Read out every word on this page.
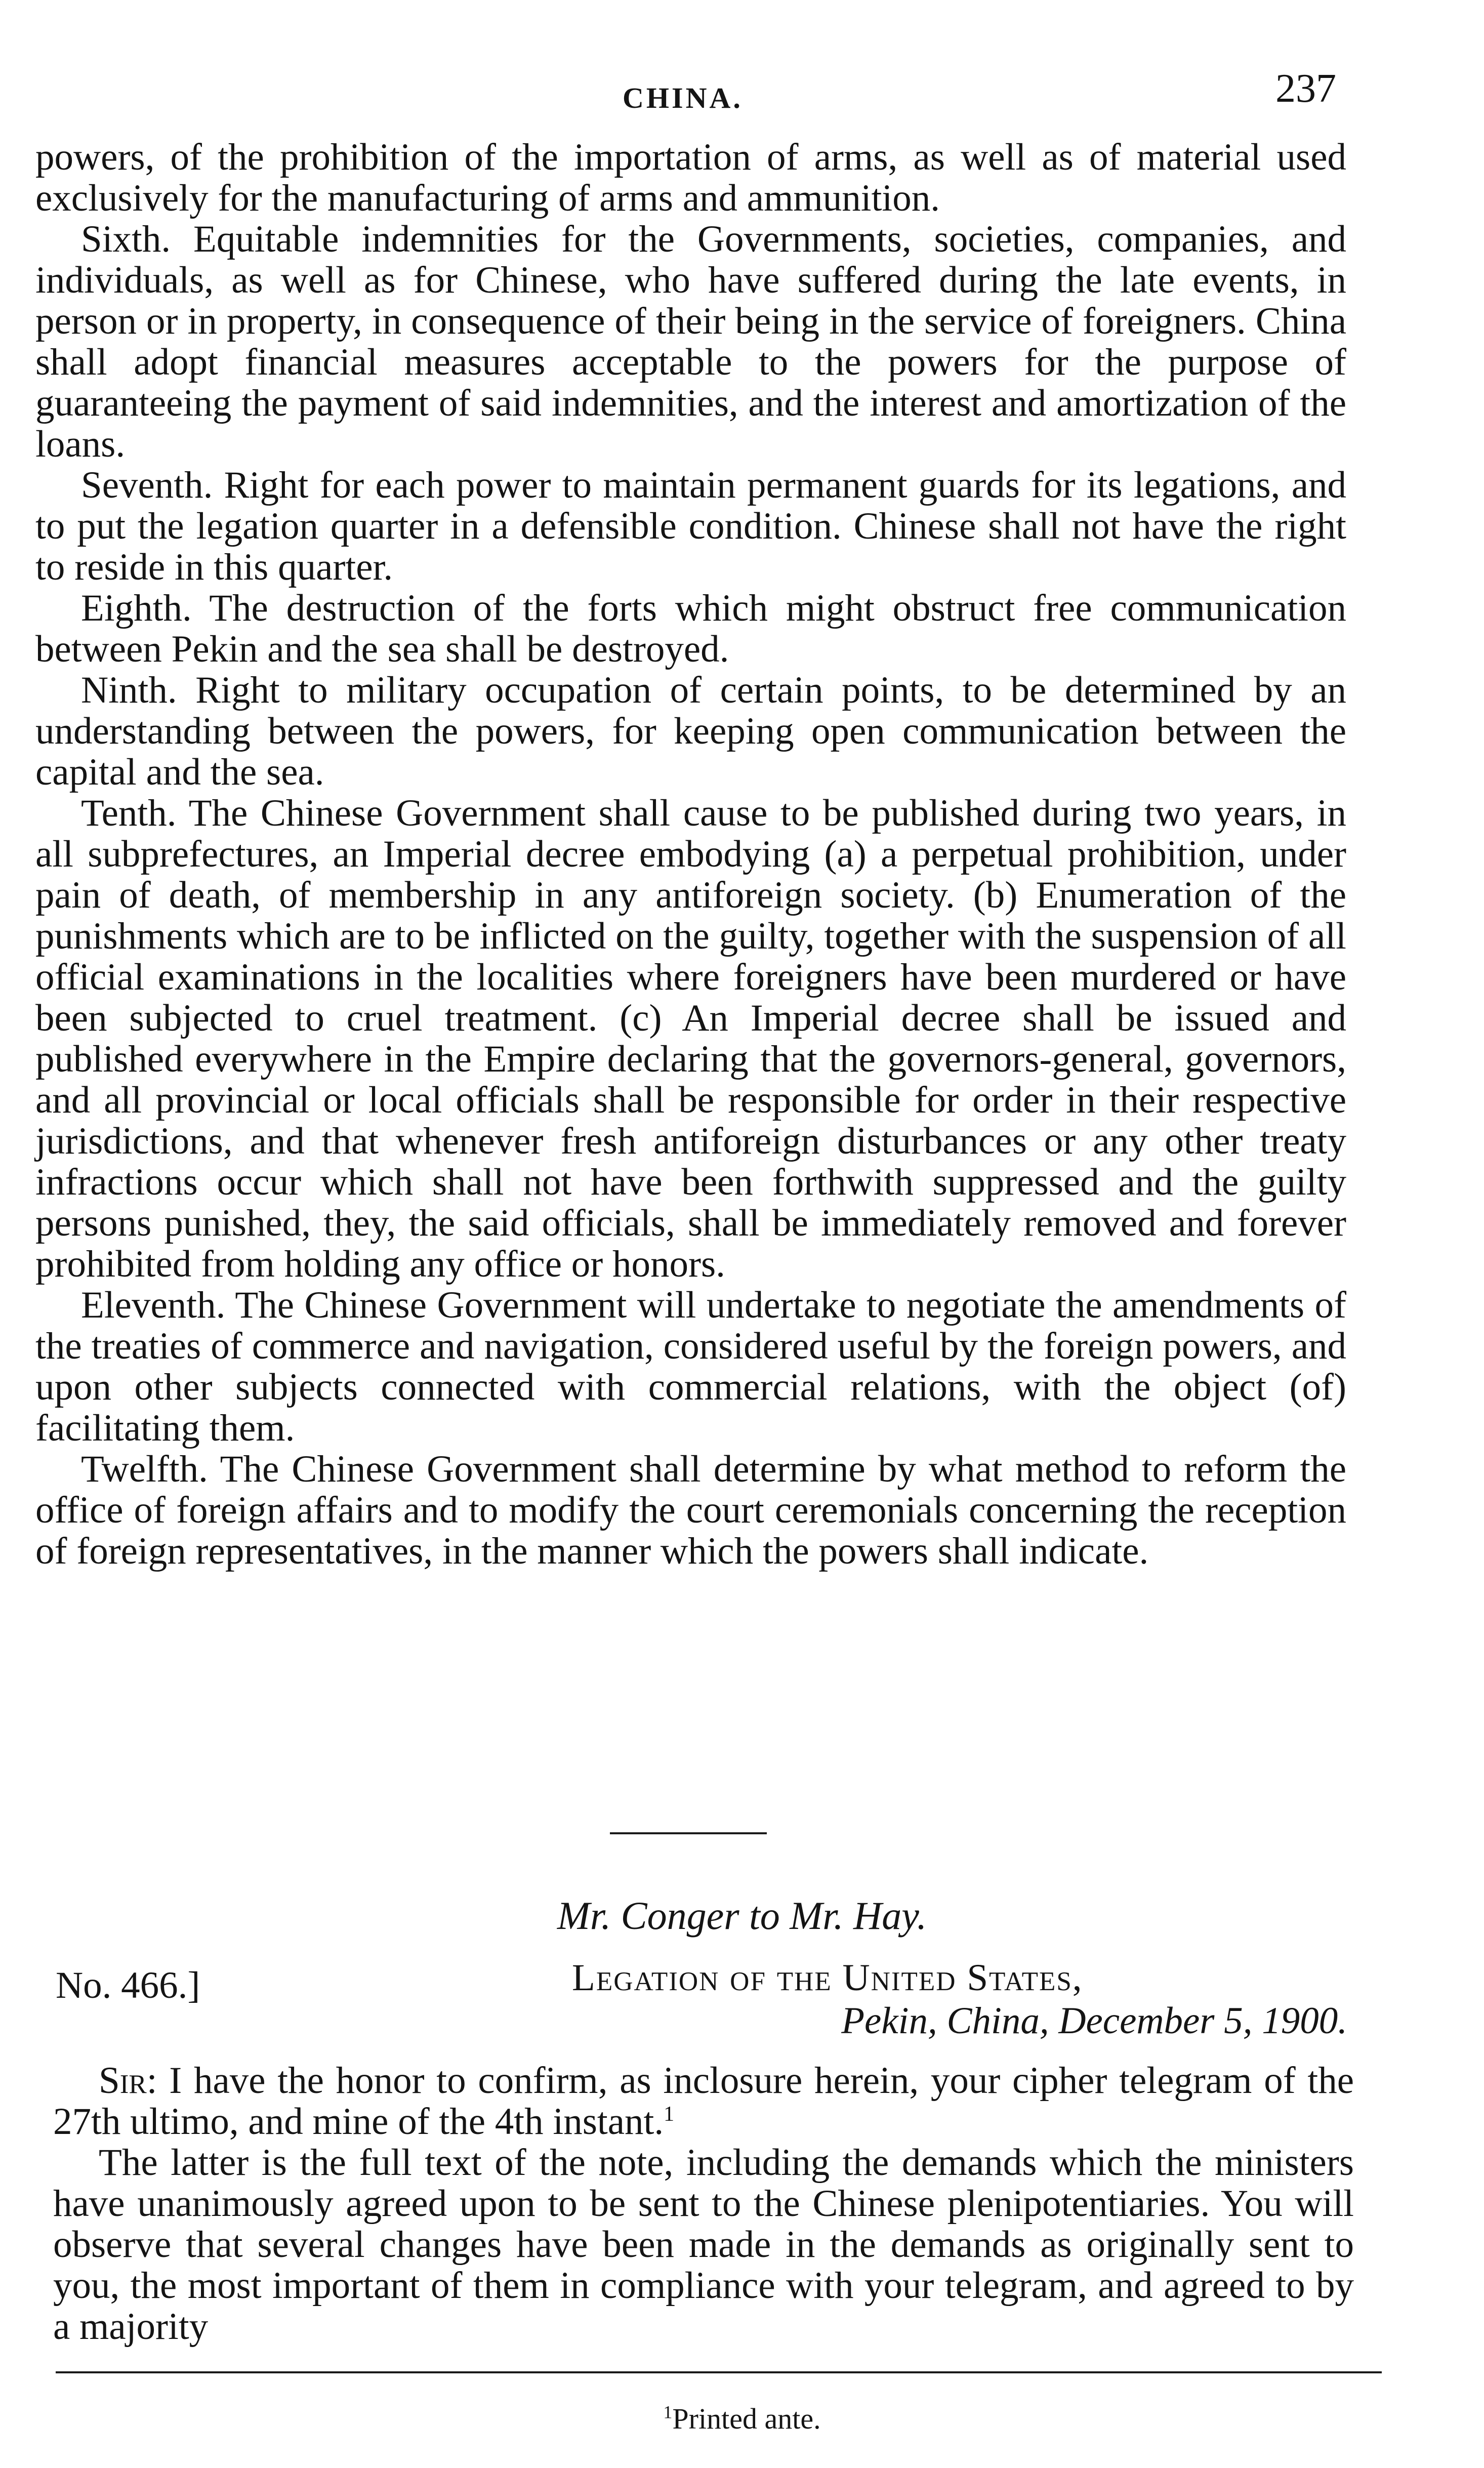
CHINA.	237

powers, of the prohibition of the importation of arms, as well as of material used exclusively for the manufacturing of arms and ammunition.

Sixth. Equitable indemnities for the Governments, societies, companies, and individuals, as well as for Chinese, who have suffered during the late events, in person or in property, in consequence of their being in the service of foreigners. China shall adopt financial measures acceptable to the powers for the purpose of guaranteeing the payment of said indemnities, and the interest and amortization of the loans.

Seventh. Right for each power to maintain permanent guards for its legations, and to put the legation quarter in a defensible condition. Chinese shall not have the right to reside in this quarter.

Eighth. The destruction of the forts which might obstruct free communication between Pekin and the sea shall be destroyed.

Ninth. Right to military occupation of certain points, to be determined by an understanding between the powers, for keeping open communication between the capital and the sea.

Tenth. The Chinese Government shall cause to be published during two years, in all subprefectures, an Imperial decree embodying (a) a perpetual prohibition, under pain of death, of membership in any antiforeign society. (b) Enumeration of the punishments which are to be inflicted on the guilty, together with the suspension of all official examinations in the localities where foreigners have been murdered or have been subjected to cruel treatment. (c) An Imperial decree shall be issued and published everywhere in the Empire declaring that the governors-general, governors, and all provincial or local officials shall be responsible for order in their respective jurisdictions, and that whenever fresh antiforeign disturbances or any other treaty infractions occur which shall not have been forthwith suppressed and the guilty persons punished, they, the said officials, shall be immediately removed and forever prohibited from holding any office or honors.

Eleventh. The Chinese Government will undertake to negotiate the amendments of the treaties of commerce and navigation, considered useful by the foreign powers, and upon other subjects connected with commercial relations, with the object (of) facilitating them.

Twelfth. The Chinese Government shall determine by what method to reform the office of foreign affairs and to modify the court ceremonials concerning the reception of foreign representatives, in the manner which the powers shall indicate.

Mr. Conger to Mr. Hay.
No. 466.]	Legation of the United States,
Pekin, China, December 5, 1900.

Sir: I have the honor to confirm, as inclosure herein, your cipher telegram of the 27th ultimo, and mine of the 4th instant.$^1$

The latter is the full text of the note, including the demands which the ministers have unanimously agreed upon to be sent to the Chinese plenipotentiaries. You will observe that several changes have been made in the demands as originally sent to you, the most important of them in compliance with your telegram, and agreed to by a majority

$^1$Printed ante.
